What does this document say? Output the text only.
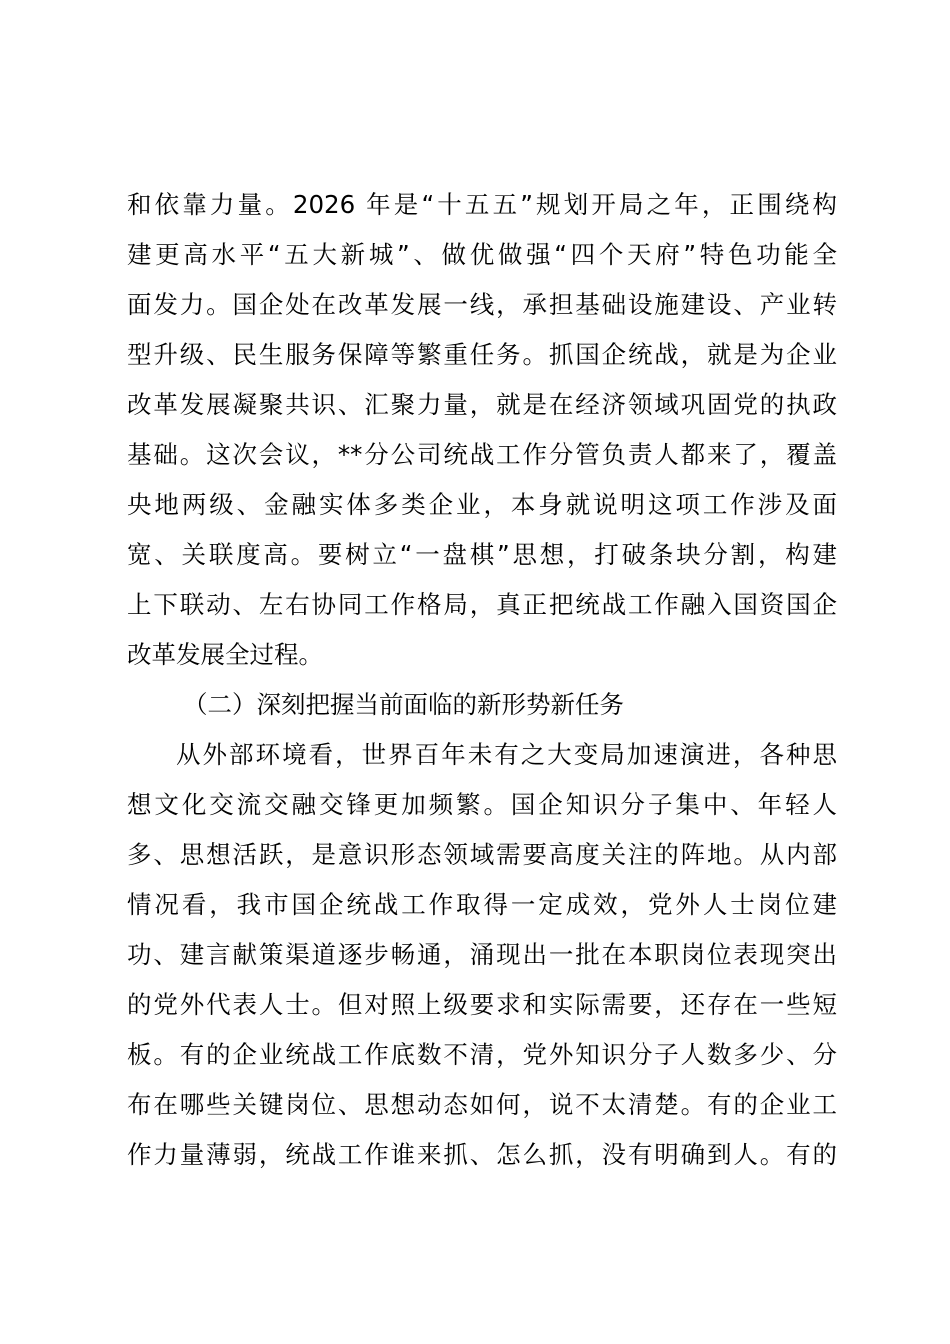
和依靠力量。2026 年是“十五五”规划开局之年，正围绕构
建更高水平“五大新城”、做优做强“四个天府”特色功能全
面发力。国企处在改革发展一线，承担基础设施建设、产业转
型升级、民生服务保障等繁重任务。抓国企统战，就是为企业
改革发展凝聚共识、汇聚力量，就是在经济领域巩固党的执政
基础。这次会议，**分公司统战工作分管负责人都来了，覆盖
央地两级、金融实体多类企业，本身就说明这项工作涉及面
宽、关联度高。要树立“一盘棋”思想，打破条块分割，构建
上下联动、左右协同工作格局，真正把统战工作融入国资国企
改革发展全过程。
（二）深刻把握当前面临的新形势新任务
从外部环境看，世界百年未有之大变局加速演进，各种思
想文化交流交融交锋更加频繁。国企知识分子集中、年轻人
多、思想活跃，是意识形态领域需要高度关注的阵地。从内部
情况看，我市国企统战工作取得一定成效，党外人士岗位建
功、建言献策渠道逐步畅通，涌现出一批在本职岗位表现突出
的党外代表人士。但对照上级要求和实际需要，还存在一些短
板。有的企业统战工作底数不清，党外知识分子人数多少、分
布在哪些关键岗位、思想动态如何，说不太清楚。有的企业工
作力量薄弱，统战工作谁来抓、怎么抓，没有明确到人。有的
